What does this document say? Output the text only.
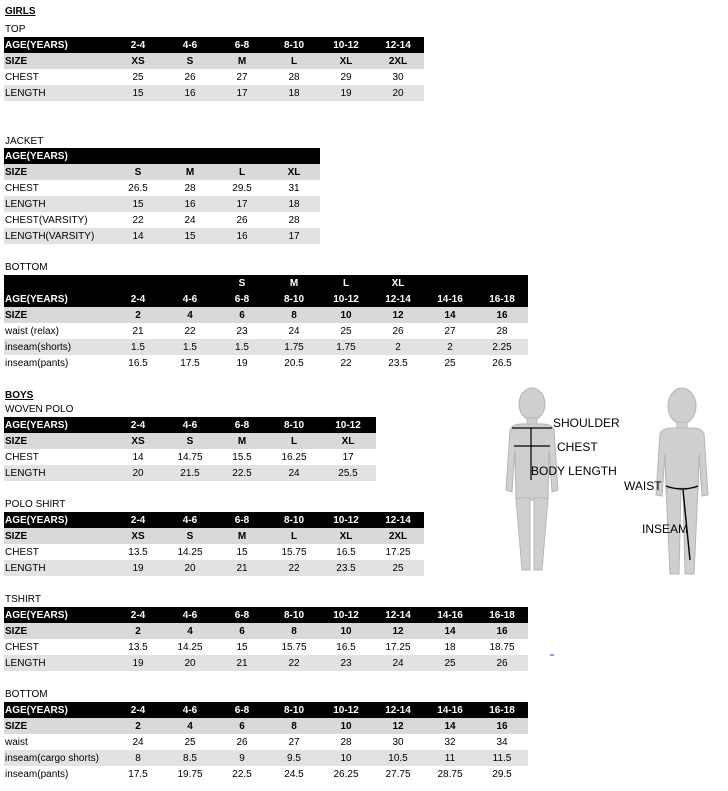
GIRLS
TOP
AGE(YEARS)	2-4	4-6	6-8	8-10	10-12	12-14
SIZE	XS	S	M	L	XL	2XL
CHEST	25	26	27	28	29	30
LENGTH	15	16	17	18	19	20
JACKET
AGE(YEARS)				
SIZE	S	M	L	XL
CHEST	26.5	28	29.5	31
LENGTH	15	16	17	18
CHEST(VARSITY)	22	24	26	28
LENGTH(VARSITY)	14	15	16	17
BOTTOM
			S	M	L	XL		
AGE(YEARS)	2-4	4-6	6-8	8-10	10-12	12-14	14-16	16-18
SIZE	2	4	6	8	10	12	14	16
waist (relax)	21	22	23	24	25	26	27	28
inseam(shorts)	1.5	1.5	1.5	1.75	1.75	2	2	2.25
inseam(pants)	16.5	17.5	19	20.5	22	23.5	25	26.5
BOYS
WOVEN POLO
AGE(YEARS)	2-4	4-6	6-8	8-10	10-12
SIZE	XS	S	M	L	XL
CHEST	14	14.75	15.5	16.25	17
LENGTH	20	21.5	22.5	24	25.5
POLO SHIRT
AGE(YEARS)	2-4	4-6	6-8	8-10	10-12	12-14
SIZE	XS	S	M	L	XL	2XL
CHEST	13.5	14.25	15	15.75	16.5	17.25
LENGTH	19	20	21	22	23.5	25
TSHIRT
AGE(YEARS)	2-4	4-6	6-8	8-10	10-12	12-14	14-16	16-18
SIZE	2	4	6	8	10	12	14	16
CHEST	13.5	14.25	15	15.75	16.5	17.25	18	18.75
LENGTH	19	20	21	22	23	24	25	26
BOTTOM
AGE(YEARS)	2-4	4-6	6-8	8-10	10-12	12-14	14-16	16-18
SIZE	2	4	6	8	10	12	14	16
waist	24	25	26	27	28	30	32	34
inseam(cargo shorts)	8	8.5	9	9.5	10	10.5	11	11.5
inseam(pants)	17.5	19.75	22.5	24.5	26.25	27.75	28.75	29.5
SHOULDER
CHEST
BODY LENGTH
WAIST
INSEAM
